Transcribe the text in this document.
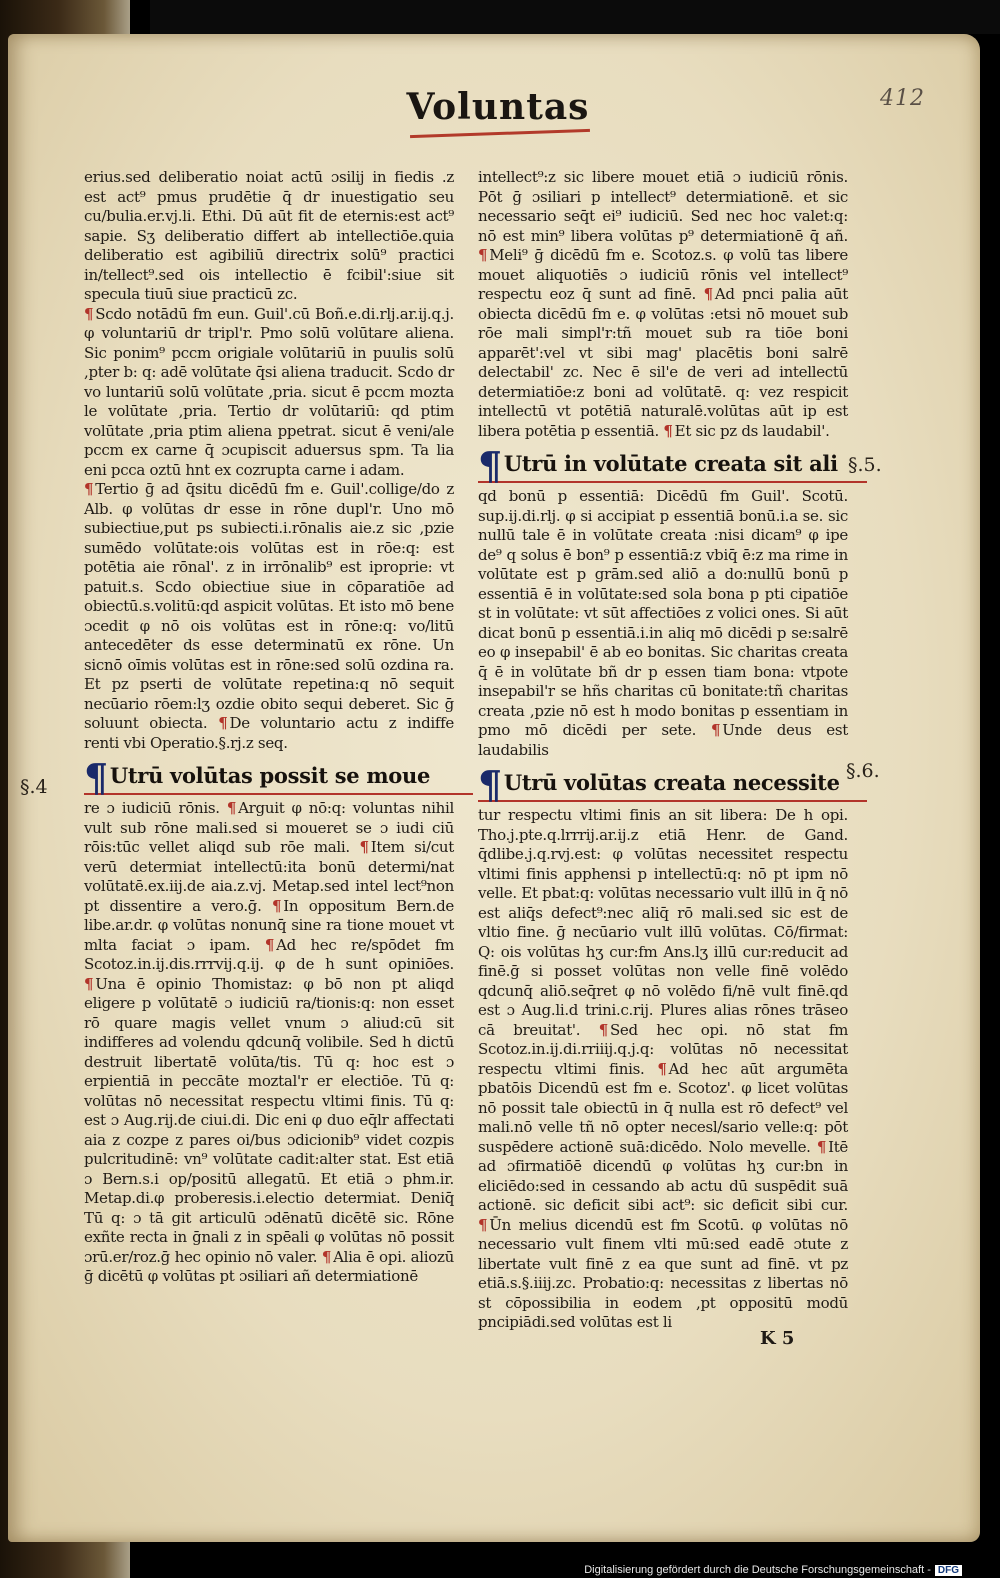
412
Voluntas

erius.sed deliberatio noiat actū ɔsilij in fiedis .z est act⁹ pmus prudētie q̄ dr inuestigatio seu cu/bulia.er.vj.li. Ethi. Dū aūt fit de eternis:est act⁹ sapie. Sʒ deliberatio differt ab intellectiōe.quia deliberatio est agibiliū directrix solū⁹ practici in/tellect⁹.sed ois intellectio ē fcibil':siue sit specula tiuū siue practicū zc.

¶ Scdo notādū fm eun. Guil'.cū Boñ.e.di.rlj.ar.ij.q.j. φ voluntariū dr tripl'r. Pmo solū volūtare aliena. Sic ponim⁹ pccm origiale volūtariū in puulis solū ,pter b: q: adē volūtate q̄si aliena traducit. Scdo dr vo luntariū solū volūtate ,pria. sicut ē pccm mozta le volūtate ,pria. Tertio dr volūtariū: qd ptim volūtate ,pria ptim aliena ppetrat. sicut ē veni/ale pccm ex carne q̄ ɔcupiscit aduersus spm. Ta lia eni pcca oztū hnt ex cozrupta carne i adam.

¶ Tertio ḡ ad q̄situ dicēdū fm e. Guil'.collige/do z Alb. φ volūtas dr esse in rōne dupl'r. Uno mō subiectiue,put ps subiecti.i.rōnalis aie.z sic ,pzie sumēdo volūtate:ois volūtas est in rōe:q: est potētia aie rōnal'. z in irrōnalib⁹ est iproprie: vt patuit.s. Scdo obiectiue siue in cōparatiōe ad obiectū.s.volitū:qd aspicit volūtas. Et isto mō bene ɔcedit φ nō ois volūtas est in rōne:q: vo/litū antecedēter ds esse determinatū ex rōne. Un sicnō oīmis volūtas est in rōne:sed solū ozdina ra. Et pz pserti de volūtate repetina:q nō sequit necūario rōem:lʒ ozdie obito sequi deberet. Sic ḡ soluunt obiecta. ¶ De voluntario actu z indiffe renti vbi Operatio.§.rj.z seq.

¶Utrū volūtas possit se moue

re ɔ iudiciū rōnis. ¶ Arguit φ nō:q: voluntas nihil vult sub rōne mali.sed si moueret se ɔ iudi ciū rōis:tūc vellet aliqd sub rōe mali. ¶ Item si/cut verū determiat intellectū:ita bonū determi/nat volūtatē.ex.iij.de aia.z.vj. Metap.sed intel lect⁹non pt dissentire a vero.ḡ. ¶ In oppositum Bern.de libe.ar.dr. φ volūtas nonunq̄ sine ra tione mouet vt mlta faciat ɔ ipam. ¶ Ad hec re/spōdet fm Scotoz.in.ij.dis.rrrvij.q.ij. φ de h sunt opiniōes. ¶ Una ē opinio Thomistaz: φ bō non pt aliqd eligere p volūtatē ɔ iudiciū ra/tionis:q: non esset rō quare magis vellet vnum ɔ aliud:cū sit indifferes ad volendu qdcunq̄ volibile. Sed h dictū destruit libertatē volūta/tis. Tū q: hoc est ɔ erpientiā in peccāte moztal'r er electiōe. Tū q: volūtas nō necessitat respectu vltimi finis. Tū q: est ɔ Aug.rij.de ciui.di. Dic eni φ duo eq̄lr affectati aia z cozpe z pares oi/bus ɔdicionib⁹ videt cozpis pulcritudinē: vn⁹ volūtate cadit:alter stat. Est etiā ɔ Bern.s.i op/positū allegatū. Et etiā ɔ phm.ir. Metap.di.φ proberesis.i.electio determiat. Deniq̄ Tū q: ɔ tā git articulū ɔdēnatū dicētē sic. Rōne exñte recta in ḡnali z in spēali φ volūtas nō possit ɔrū.er/roz.ḡ hec opinio nō valer. ¶ Alia ē opi. aliozū ḡ dicētū φ volūtas pt ɔsiliari añ determiationē

intellect⁹:z sic libere mouet etiā ɔ iudiciū rōnis. Pōt ḡ ɔsiliari p intellect⁹ determiationē. et sic necessario seq̄t ei⁹ iudiciū. Sed nec hoc valet:q: nō est min⁹ libera volūtas p⁹ determiationē q̄ añ. ¶ Meli⁹ ḡ dicēdū fm e. Scotoz.s. φ volū tas libere mouet aliquotiēs ɔ iudiciū rōnis vel intellect⁹ respectu eoz q̄ sunt ad finē. ¶ Ad pnci palia aūt obiecta dicēdū fm e. φ volūtas :etsi nō mouet sub rōe mali simpl'r:tñ mouet sub ra tiōe boni apparēt':vel vt sibi mag' placētis boni salrē delectabil' zc. Nec ē sil'e de veri ad intellectū determiatiōe:z boni ad volūtatē. q: vez respicit intellectū vt potētiā naturalē.volūtas aūt ip est libera potētia p essentiā. ¶ Et sic pz ds laudabil'.

¶Utrū in volūtate creata sit ali

qd bonū p essentiā: Dicēdū fm Guil'. Scotū. sup.ij.di.rlj. φ si accipiat p essentiā bonū.i.a se. sic nullū tale ē in volūtate creata :nisi dicam⁹ φ ipe de⁹ q solus ē bon⁹ p essentiā:z vbiq̄ ē:z ma rime in volūtate est p grām.sed aliō a do:nullū bonū p essentiā ē in volūtate:sed sola bona p pti cipatiōe st in volūtate: vt sūt affectiōes z volici ones. Si aūt dicat bonū p essentiā.i.in aliq mō dicēdi p se:salrē eo φ insepabil' ē ab eo bonitas. Sic charitas creata q̄ ē in volūtate bñ dr p essen tiam bona: vtpote insepabil'r se hñs charitas cū bonitate:tñ charitas creata ,pzie nō est h modo bonitas p essentiam in pmo mō dicēdi per sete. ¶ Unde deus est laudabilis

¶Utrū volūtas creata necessite

tur respectu vltimi finis an sit libera: De h opi. Tho.j.pte.q.lrrrij.ar.ij.z etiā Henr. de Gand. q̄dlibe.j.q.rvj.est: φ volūtas necessitet respectu vltimi finis apphensi p intellectū:q: nō pt ipm nō velle. Et pbat:q: volūtas necessario vult illū in q̄ nō est aliq̄s defect⁹:nec aliq̄ rō mali.sed sic est de vltio fine. ḡ necūario vult illū volūtas. Cō/firmat: Q: ois volūtas hʒ cur:fm Ans.lʒ illū cur:reducit ad finē.ḡ si posset volūtas non velle finē volēdo qdcunq̄ aliō.seq̄ret φ nō volēdo fi/nē vult finē.qd est ɔ Aug.li.d trini.c.rij. Plures alias rōnes trāseo cā breuitat'. ¶ Sed hec opi. nō stat fm Scotoz.in.ij.di.rriiij.q.j.q: volūtas nō necessitat respectu vltimi finis. ¶ Ad hec aūt argumēta pbatōis Dicendū est fm e. Scotoz'. φ licet volūtas nō possit tale obiectū in q̄ nulla est rō defect⁹ vel mali.nō velle tñ nō opter necesl/sario velle:q: pōt suspēdere actionē suā:dicēdo. Nolo mevelle. ¶ Itē ad ɔfirmatiōē dicendū φ volūtas hʒ cur:bn in eliciēdo:sed in cessando ab actu dū suspēdit suā actionē. sic deficit sibi act⁹: sic deficit sibi cur. ¶ Ūn melius dicendū est fm Scotū. φ volūtas nō necessario vult finem vlti mū:sed eadē ɔtute z libertate vult finē z ea que sunt ad finē. vt pz etiā.s.§.iiij.zc. Probatio:q: necessitas z libertas nō st cōpossibilia in eodem ,pt oppositū modū pncipiādi.sed volūtas est li

§.4
§.5.
§.6.
K 5
Digitalisierung gefördert durch die Deutsche Forschungsgemeinschaft - DFG
